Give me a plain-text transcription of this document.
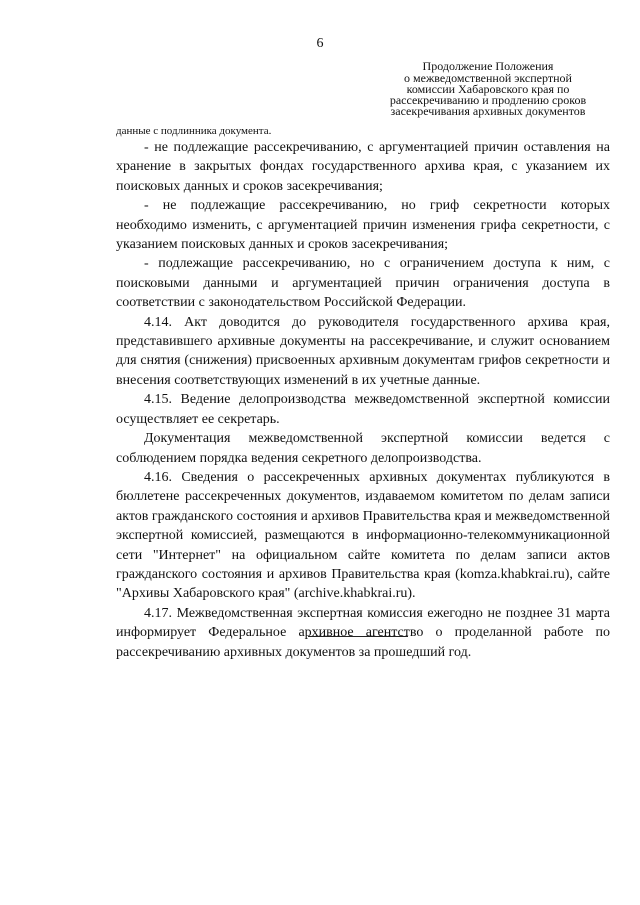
6
Продолжение Положения
о межведомственной экспертной
комиссии Хабаровского края по
рассекречиванию и продлению сроков
засекречивания архивных документов

данные с подлинника документа.

- не подлежащие рассекречиванию, с аргументацией причин оставления на хранение в закрытых фондах государственного архива края, с указанием их поисковых данных и сроков засекречивания;

- не подлежащие рассекречиванию, но гриф секретности которых необходимо изменить, с аргументацией причин изменения грифа секретности, с указанием поисковых данных и сроков засекречивания;

- подлежащие рассекречиванию, но с ограничением доступа к ним, с поисковыми данными и аргументацией причин ограничения доступа в соответствии с законодательством Российской Федерации.

4.14. Акт доводится до руководителя государственного архива края, представившего архивные документы на рассекречивание, и служит основанием для снятия (снижения) присвоенных архивным документам грифов секретности и внесения соответствующих изменений в их учетные данные.

4.15. Ведение делопроизводства межведомственной экспертной комиссии осуществляет ее секретарь.

Документация межведомственной экспертной комиссии ведется с соблюдением порядка ведения секретного делопроизводства.

4.16. Сведения о рассекреченных архивных документах публикуются в бюллетене рассекреченных документов, издаваемом комитетом по делам записи актов гражданского состояния и архивов Правительства края и межведомственной экспертной комиссией, размещаются в информационно-телекоммуникационной сети "Интернет" на официальном сайте комитета по делам записи актов гражданского состояния и архивов Правительства края (komza.khabkrai.ru), сайте "Архивы Хабаровского края" (archive.khabkrai.ru).

4.17. Межведомственная экспертная комиссия ежегодно не позднее 31 марта информирует Федеральное архивное агентство о проделанной работе по рассекречиванию архивных документов за прошедший год.
